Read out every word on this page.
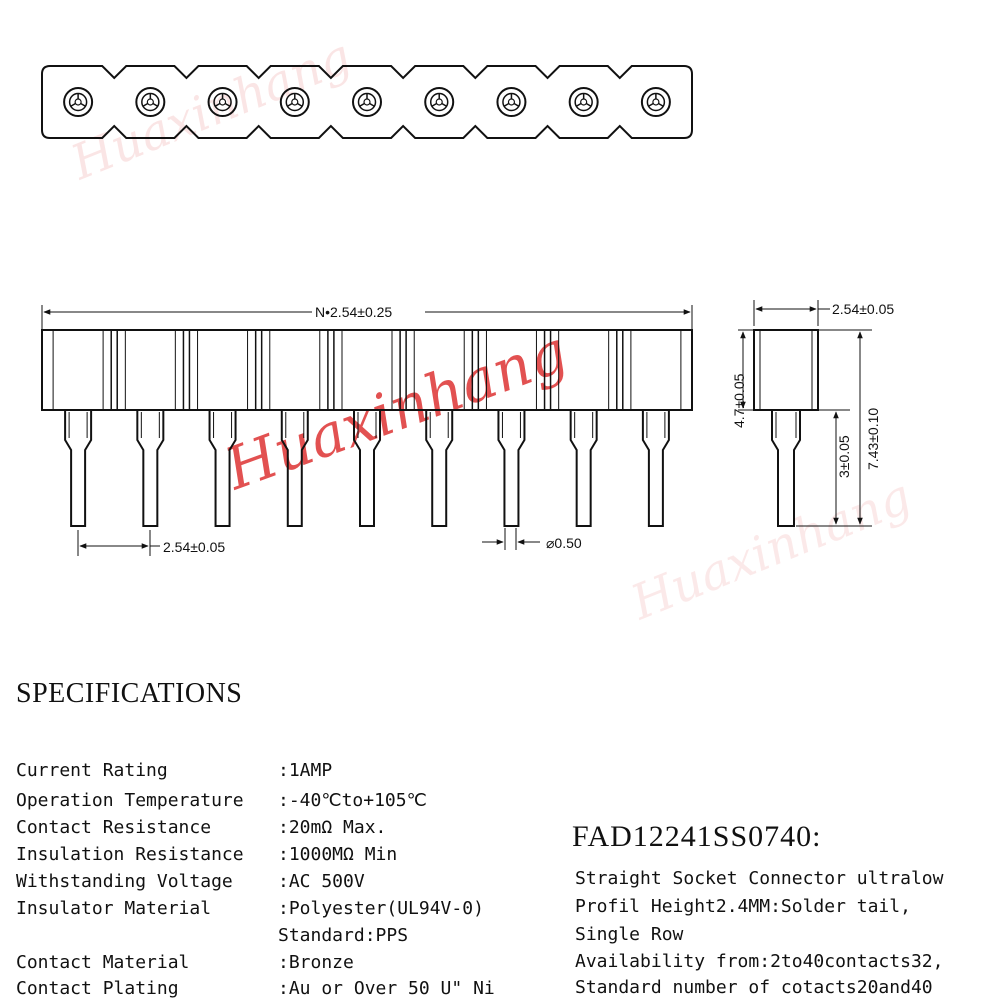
Huaxinhang
Huaxinhang
Huaxinhang
N•2.54±0.25
2.54±0.05	⌀0.50
2.54±0.05
4.7±0.05
3±0.05 7.43±0.10
SPECIFICATIONS
Current Rating	:1AMP
Operation Temperature :-40℃to+105℃
Contact Resistance	:20mΩ Max.
Insulation Resistance :1000MΩ Min
Withstanding Voltage	:AC 500V
Insulator Material	:Polyester(UL94V-0)
Standard:PPS
Contact Material	:Bronze
Contact Plating	:Au or Over 50 U" Ni
FAD12241SS0740:
Straight Socket Connector ultralow
Profil Height2.4MM:Solder tail,
Single Row
Availability from:2to40contacts32,
Standard number of cotacts20and40
